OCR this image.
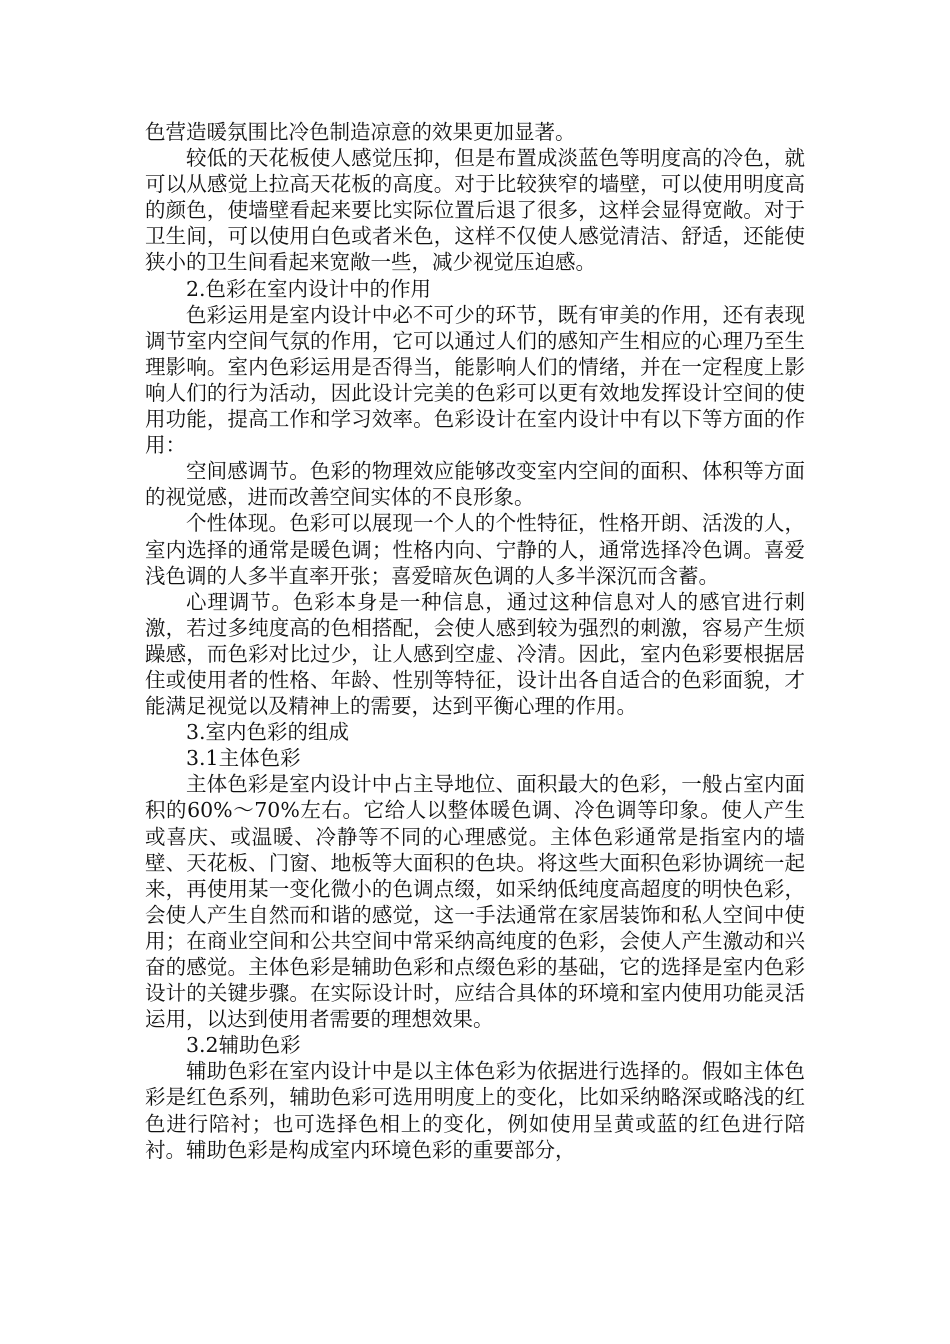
色营造暖氛围比冷色制造凉意的效果更加显著。

较低的天花板使人感觉压抑，但是布置成淡蓝色等明度高的冷色，就可以从感觉上拉高天花板的高度。对于比较狭窄的墙壁，可以使用明度高的颜色，使墙壁看起来要比实际位置后退了很多，这样会显得宽敞。对于卫生间，可以使用白色或者米色，这样不仅使人感觉清洁、舒适，还能使狭小的卫生间看起来宽敞一些，减少视觉压迫感。

2.色彩在室内设计中的作用

色彩运用是室内设计中必不可少的环节，既有审美的作用，还有表现调节室内空间气氛的作用，它可以通过人们的感知产生相应的心理乃至生理影响。室内色彩运用是否得当，能影响人们的情绪，并在一定程度上影响人们的行为活动，因此设计完美的色彩可以更有效地发挥设计空间的使用功能，提高工作和学习效率。色彩设计在室内设计中有以下等方面的作用：

空间感调节。色彩的物理效应能够改变室内空间的面积、体积等方面的视觉感，进而改善空间实体的不良形象。

个性体现。色彩可以展现一个人的个性特征，性格开朗、活泼的人，室内选择的通常是暖色调；性格内向、宁静的人，通常选择冷色调。喜爱浅色调的人多半直率开张；喜爱暗灰色调的人多半深沉而含蓄。

心理调节。色彩本身是一种信息，通过这种信息对人的感官进行刺激，若过多纯度高的色相搭配，会使人感到较为强烈的刺激，容易产生烦躁感，而色彩对比过少，让人感到空虚、冷清。因此，室内色彩要根据居住或使用者的性格、年龄、性别等特征，设计出各自适合的色彩面貌，才能满足视觉以及精神上的需要，达到平衡心理的作用。

3.室内色彩的组成

3.1主体色彩

主体色彩是室内设计中占主导地位、面积最大的色彩，一般占室内面积的60%～70%左右。它给人以整体暖色调、冷色调等印象。使人产生或喜庆、或温暖、冷静等不同的心理感觉。主体色彩通常是指室内的墙壁、天花板、门窗、地板等大面积的色块。将这些大面积色彩协调统一起来，再使用某一变化微小的色调点缀，如采纳低纯度高超度的明快色彩，会使人产生自然而和谐的感觉，这一手法通常在家居装饰和私人空间中使用；在商业空间和公共空间中常采纳高纯度的色彩，会使人产生激动和兴奋的感觉。主体色彩是辅助色彩和点缀色彩的基础，它的选择是室内色彩设计的关键步骤。在实际设计时，应结合具体的环境和室内使用功能灵活运用，以达到使用者需要的理想效果。

3.2辅助色彩

辅助色彩在室内设计中是以主体色彩为依据进行选择的。假如主体色彩是红色系列，辅助色彩可选用明度上的变化，比如采纳略深或略浅的红色进行陪衬；也可选择色相上的变化，例如使用呈黄或蓝的红色进行陪衬。辅助色彩是构成室内环境色彩的重要部分，
